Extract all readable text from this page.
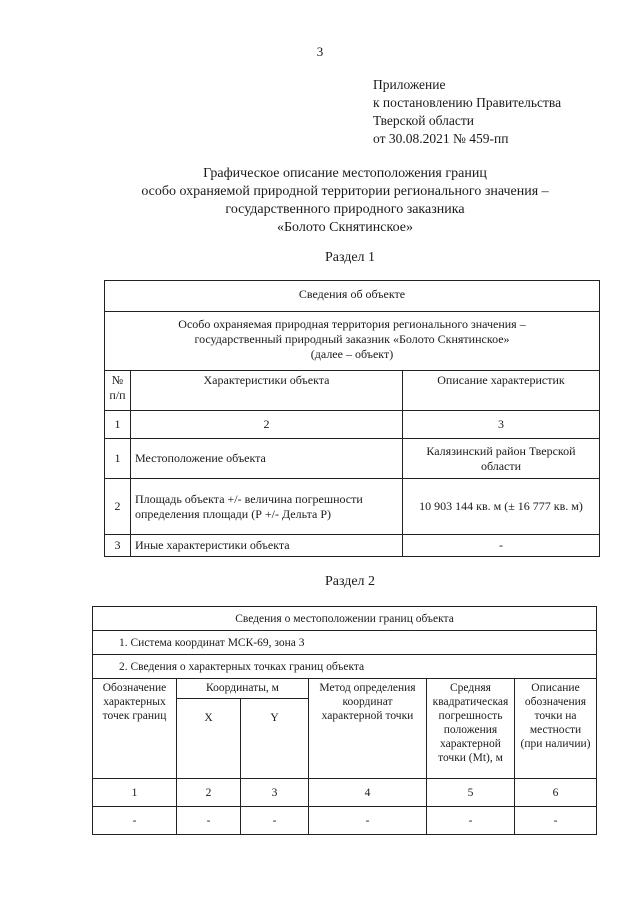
3
Приложение
к постановлению Правительства
Тверской области
от 30.08.2021 № 459-пп
Графическое описание местоположения границ
особо охраняемой природной территории регионального значения –
государственного природного заказника
«Болото Скнятинское»
Раздел 1
Сведения об объекте		

Особо охраняемая природная территория регионального значения –
государственный природный заказник «Болото Скнятинское»
(далее – объект)		

№ п/п	Характеристики объекта	Описание характеристик
1	2	3
1	Местоположение объекта	Калязинский район Тверской области
2	Площадь объекта +/- величина погрешности определения площади (Р +/- Дельта Р)	10 903 144 кв. м (± 16 777 кв. м)
3	Иные характеристики объекта	-
Раздел 2
Сведения о местоположении границ объекта					
1. Система координат МСК-69, зона 3					
2. Сведения о характерных точках границ объекта					
Обозначение характерных точек границ	Координаты, м		Метод определения координат характерной точки	Средняя квадратическая погрешность положения характерной точки (Mt), м	Описание обозначения точки на местности (при наличии)
	X	Y			
1	2	3	4	5	6
-	-	-	-	-	-
